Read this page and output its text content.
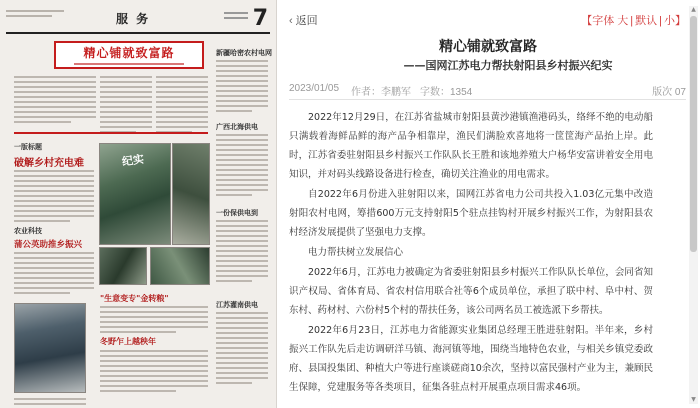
服 务	7
精心铺就致富路
一版标题
破解乡村充电难
农业科技
蒲公英助推乡振兴
纪实
"生意变专"金转粮"
冬野乍上越秧年
新疆哈密农村电网
广西北海供电
一份保供电到
江苏灌南供电
‹ 返回	【字体 大 | 默认 | 小】
精心铺就致富路
——国网江苏电力帮扶射阳县乡村振兴纪实
2023/01/05 作者：李鹏军 字数：1354	版次 07

2022年12月29日，在江苏省盐城市射阳县黄沙港镇渔港码头，络绎不绝的电动船只满载着海鲜品鲜的海产品争相靠岸，渔民们满脸欢喜地将一筐筐海产品抬上岸。此时，江苏省委驻射阳县乡村振兴工作队队长王胜和该地养殖大户杨华安富讲着安全用电知识，并对码头线路设备进行检查，确切关注渔业的用电需求。

自2022年6月份进入驻射阳以来，国网江苏省电力公司共投入1.03亿元集中改造射阳农村电网，筹措600万元支持射阳5个驻点挂钩村开展乡村振兴工作，为射阳县农村经济发展提供了坚强电力支撑。

电力帮扶树立发展信心

2022年6月，江苏电力被确定为省委驻射阳县乡村振兴工作队队长单位，会同省知识产权局、省体育局、省农村信用联合社等6个成员单位，承担了联中村、阜中村、贺东村、药材村、六份村5个村的帮扶任务，该公司两名员工被选派下乡帮扶。

2022年6月23日，江苏电力省能源实业集团总经理王胜进驻射阳。半年来，乡村振兴工作队先后走访调研洋马镇、海河镇等地，围绕当地特色农业，与相关乡镇党委政府、县国投集团、种植大户等进行座谈磋商10余次，坚持以富民强村产业为主，兼顾民生保障，党建服务等各类项目，征集各驻点村开展重点项目需求46项。

▲
▼
